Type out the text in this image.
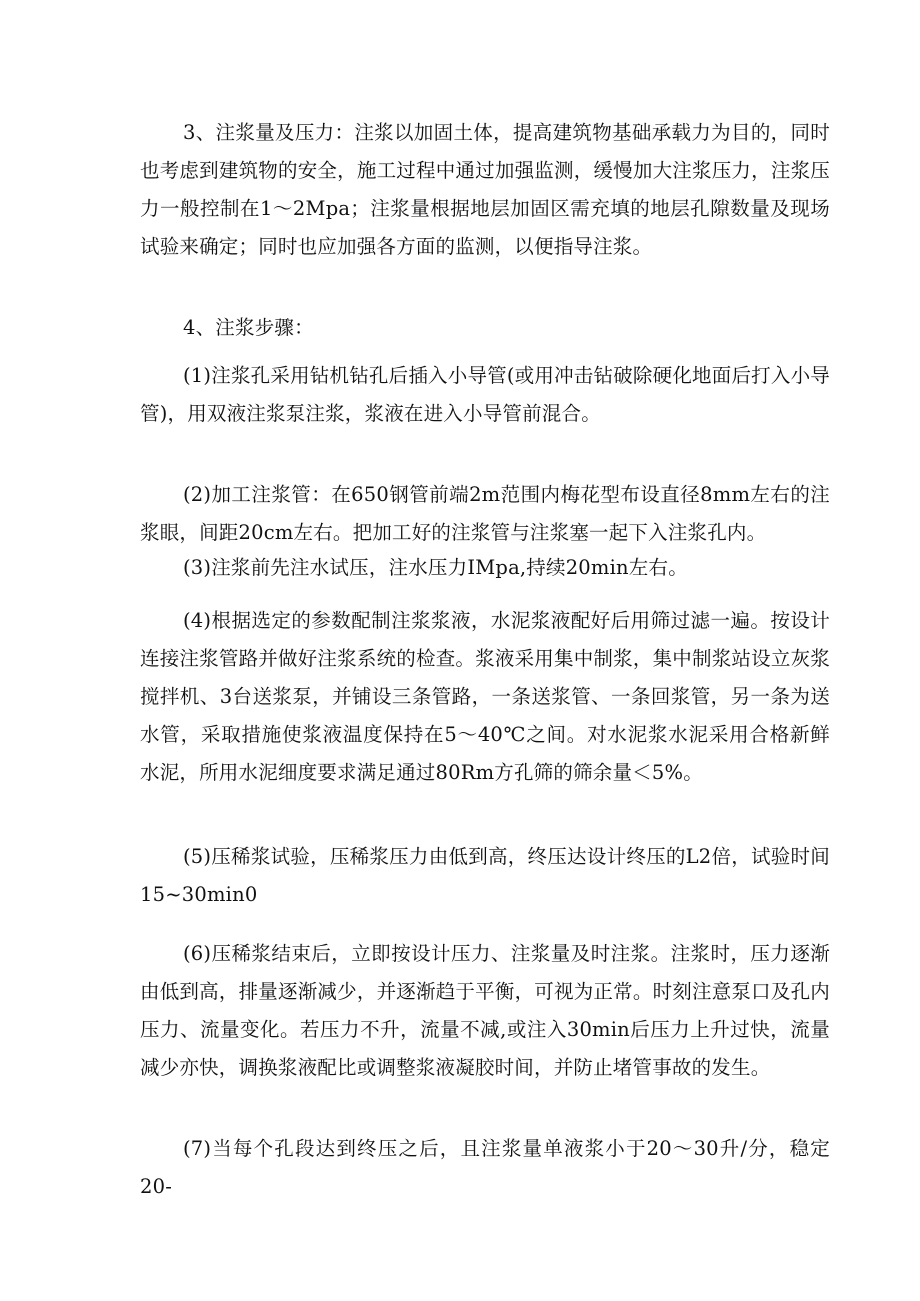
3、注浆量及压力：注浆以加固土体，提高建筑物基础承载力为目的，同时也考虑到建筑物的安全，施工过程中通过加强监测，缓慢加大注浆压力，注浆压力一般控制在1～2Mpa；注浆量根据地层加固区需充填的地层孔隙数量及现场试验来确定；同时也应加强各方面的监测，以便指导注浆。

4、注浆步骤：

(1)注浆孔采用钻机钻孔后插入小导管(或用冲击钻破除硬化地面后打入小导管)，用双液注浆泵注浆，浆液在进入小导管前混合。

(2)加工注浆管：在650钢管前端2m范围内梅花型布设直径8mm左右的注浆眼，间距20cm左右。把加工好的注浆管与注浆塞一起下入注浆孔内。

(3)注浆前先注水试压，注水压力IMpa,持续20min左右。

(4)根据选定的参数配制注浆浆液，水泥浆液配好后用筛过滤一遍。按设计连接注浆管路并做好注浆系统的检查。浆液采用集中制浆，集中制浆站设立灰浆搅拌机、3台送浆泵，并铺设三条管路，一条送浆管、一条回浆管，另一条为送水管，采取措施使浆液温度保持在5～40℃之间。对水泥浆水泥采用合格新鲜水泥，所用水泥细度要求满足通过80Rm方孔筛的筛余量＜5%。

(5)压稀浆试验，压稀浆压力由低到高，终压达设计终压的L2倍，试验时间15~30min0

(6)压稀浆结束后，立即按设计压力、注浆量及时注浆。注浆时，压力逐渐由低到高，排量逐渐减少，并逐渐趋于平衡，可视为正常。时刻注意泵口及孔内压力、流量变化。若压力不升，流量不减,或注入30min后压力上升过快，流量减少亦快，调换浆液配比或调整浆液凝胶时间，并防止堵管事故的发生。

(7)当每个孔段达到终压之后，且注浆量单液浆小于20～30升/分，稳定20-
